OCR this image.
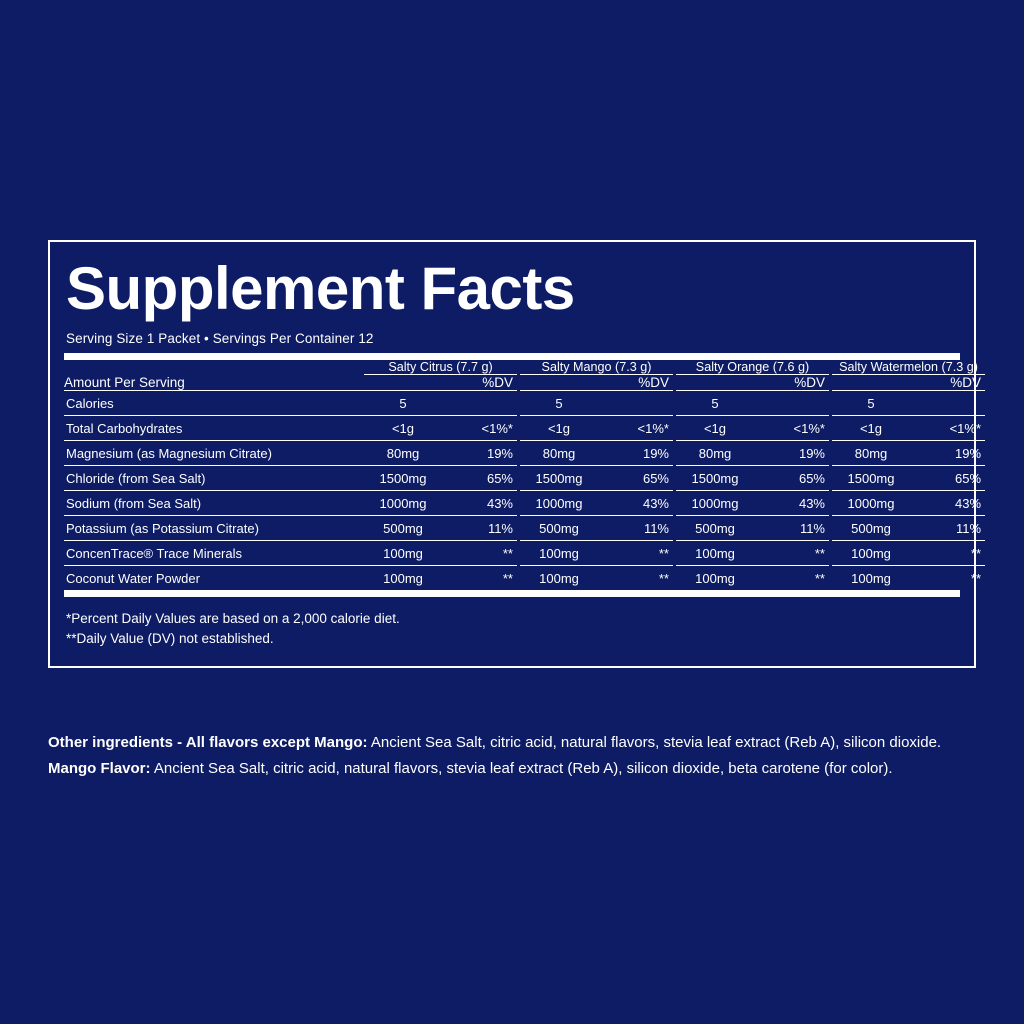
Supplement Facts
Serving Size 1 Packet • Servings Per Container 12
	Salty Citrus (7.7 g)			Salty Mango (7.3 g)			Salty Orange (7.6 g)			Salty Watermelon (7.3 g)	
Amount Per Serving		%DV			%DV			%DV			%DV
Calories	5			5			5			5	
Total Carbohydrates	<1g	<1%*		<1g	<1%*		<1g	<1%*		<1g	<1%*
Magnesium (as Magnesium Citrate)	80mg	19%		80mg	19%		80mg	19%		80mg	19%
Chloride (from Sea Salt)	1500mg	65%		1500mg	65%		1500mg	65%		1500mg	65%
Sodium (from Sea Salt)	1000mg	43%		1000mg	43%		1000mg	43%		1000mg	43%
Potassium (as Potassium Citrate)	500mg	11%		500mg	11%		500mg	11%		500mg	11%
ConcenTrace® Trace Minerals	100mg	**		100mg	**		100mg	**		100mg	**
Coconut Water Powder	100mg	**		100mg	**		100mg	**		100mg	**
*Percent Daily Values are based on a 2,000 calorie diet.
**Daily Value (DV) not established.
Other ingredients - All flavors except Mango: Ancient Sea Salt, citric acid, natural flavors, stevia leaf extract (Reb A), silicon dioxide.
Mango Flavor: Ancient Sea Salt, citric acid, natural flavors, stevia leaf extract (Reb A), silicon dioxide, beta carotene (for color).
